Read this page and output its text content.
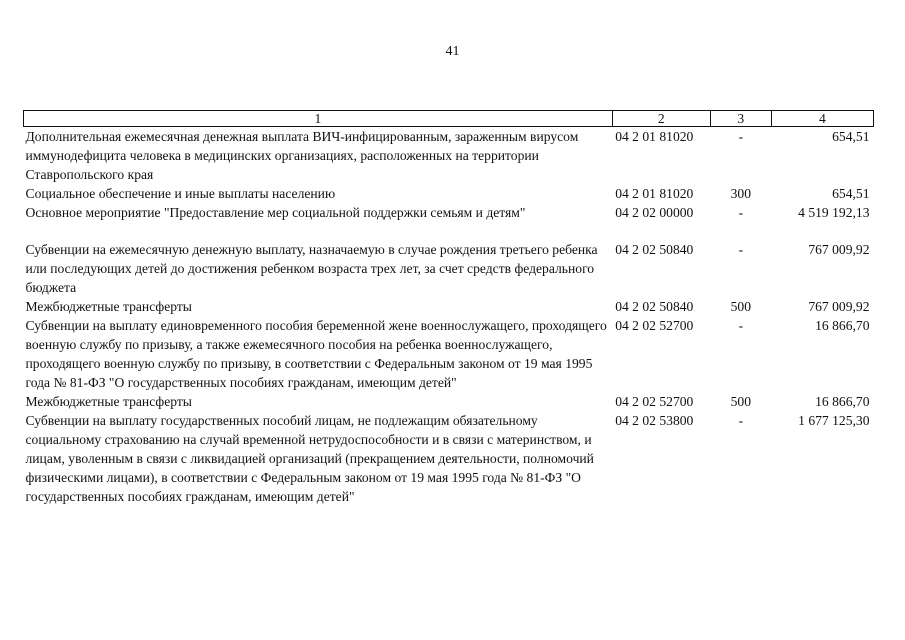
41
1	2	3	4
Дополнительная ежемесячная денежная выплата ВИЧ-инфицированным, зараженным вирусом иммунодефицита человека в медицинских организациях, расположенных на территории Ставропольского края	04 2 01 81020	-	654,51
Социальное обеспечение и иные выплаты населению	04 2 01 81020	300	654,51
Основное мероприятие "Предоставление мер социальной поддержки семьям и детям"	04 2 02 00000	-	4 519 192,13

Субвенции на ежемесячную денежную выплату, назначаемую в случае рождения третьего ребенка или последующих детей до достижения ребенком возраста трех лет, за счет средств федерального бюджета	04 2 02 50840	-	767 009,92
Межбюджетные трансферты	04 2 02 50840	500	767 009,92
Субвенции на выплату единовременного пособия беременной жене военнослужащего, проходящего военную службу по призыву, а также ежемесячного пособия на ребенка военнослужащего, проходящего военную службу по призыву, в соответствии с Федеральным законом от 19 мая 1995 года № 81-ФЗ "О государственных пособиях гражданам, имеющим детей"	04 2 02 52700	-	16 866,70
Межбюджетные трансферты	04 2 02 52700	500	16 866,70
Субвенции на выплату государственных пособий лицам, не подлежащим обязательному социальному страхованию на случай временной нетрудоспособности и в связи с материнством, и лицам, уволенным в связи с ликвидацией организаций (прекращением деятельности, полномочий физическими лицами), в соответствии с Федеральным законом от 19 мая 1995 года № 81-ФЗ "О государственных пособиях гражданам, имеющим детей"	04 2 02 53800	-	1 677 125,30
